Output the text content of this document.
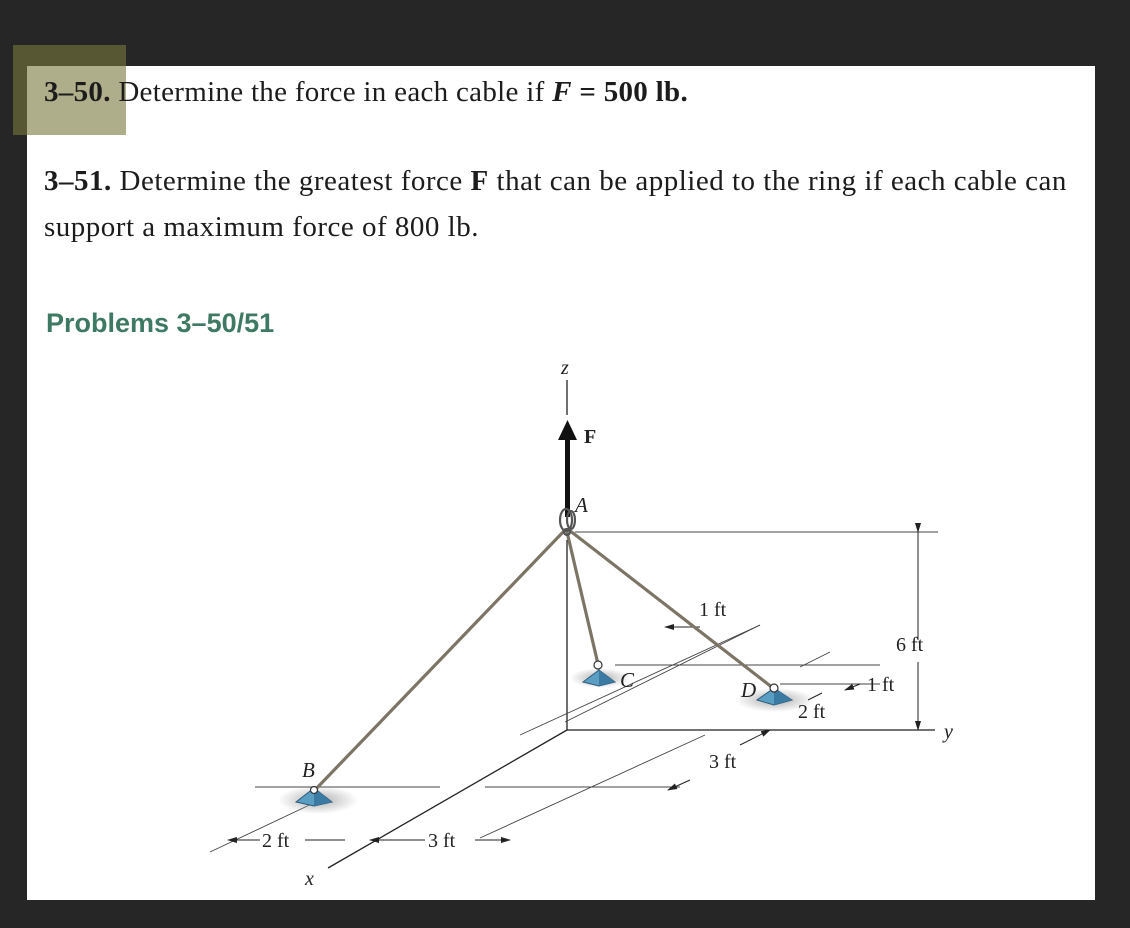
3–50. Determine the force in each cable if F = 500 lb.
3–51. Determine the greatest force F that can be applied to the ring if each cable can support a maximum force of 800 lb.
Problems 3–50/51
z
F
A
B
C	D
1 ft
6 ft
1 ft
2 ft
y
3 ft
2 ft	3 ft
x
